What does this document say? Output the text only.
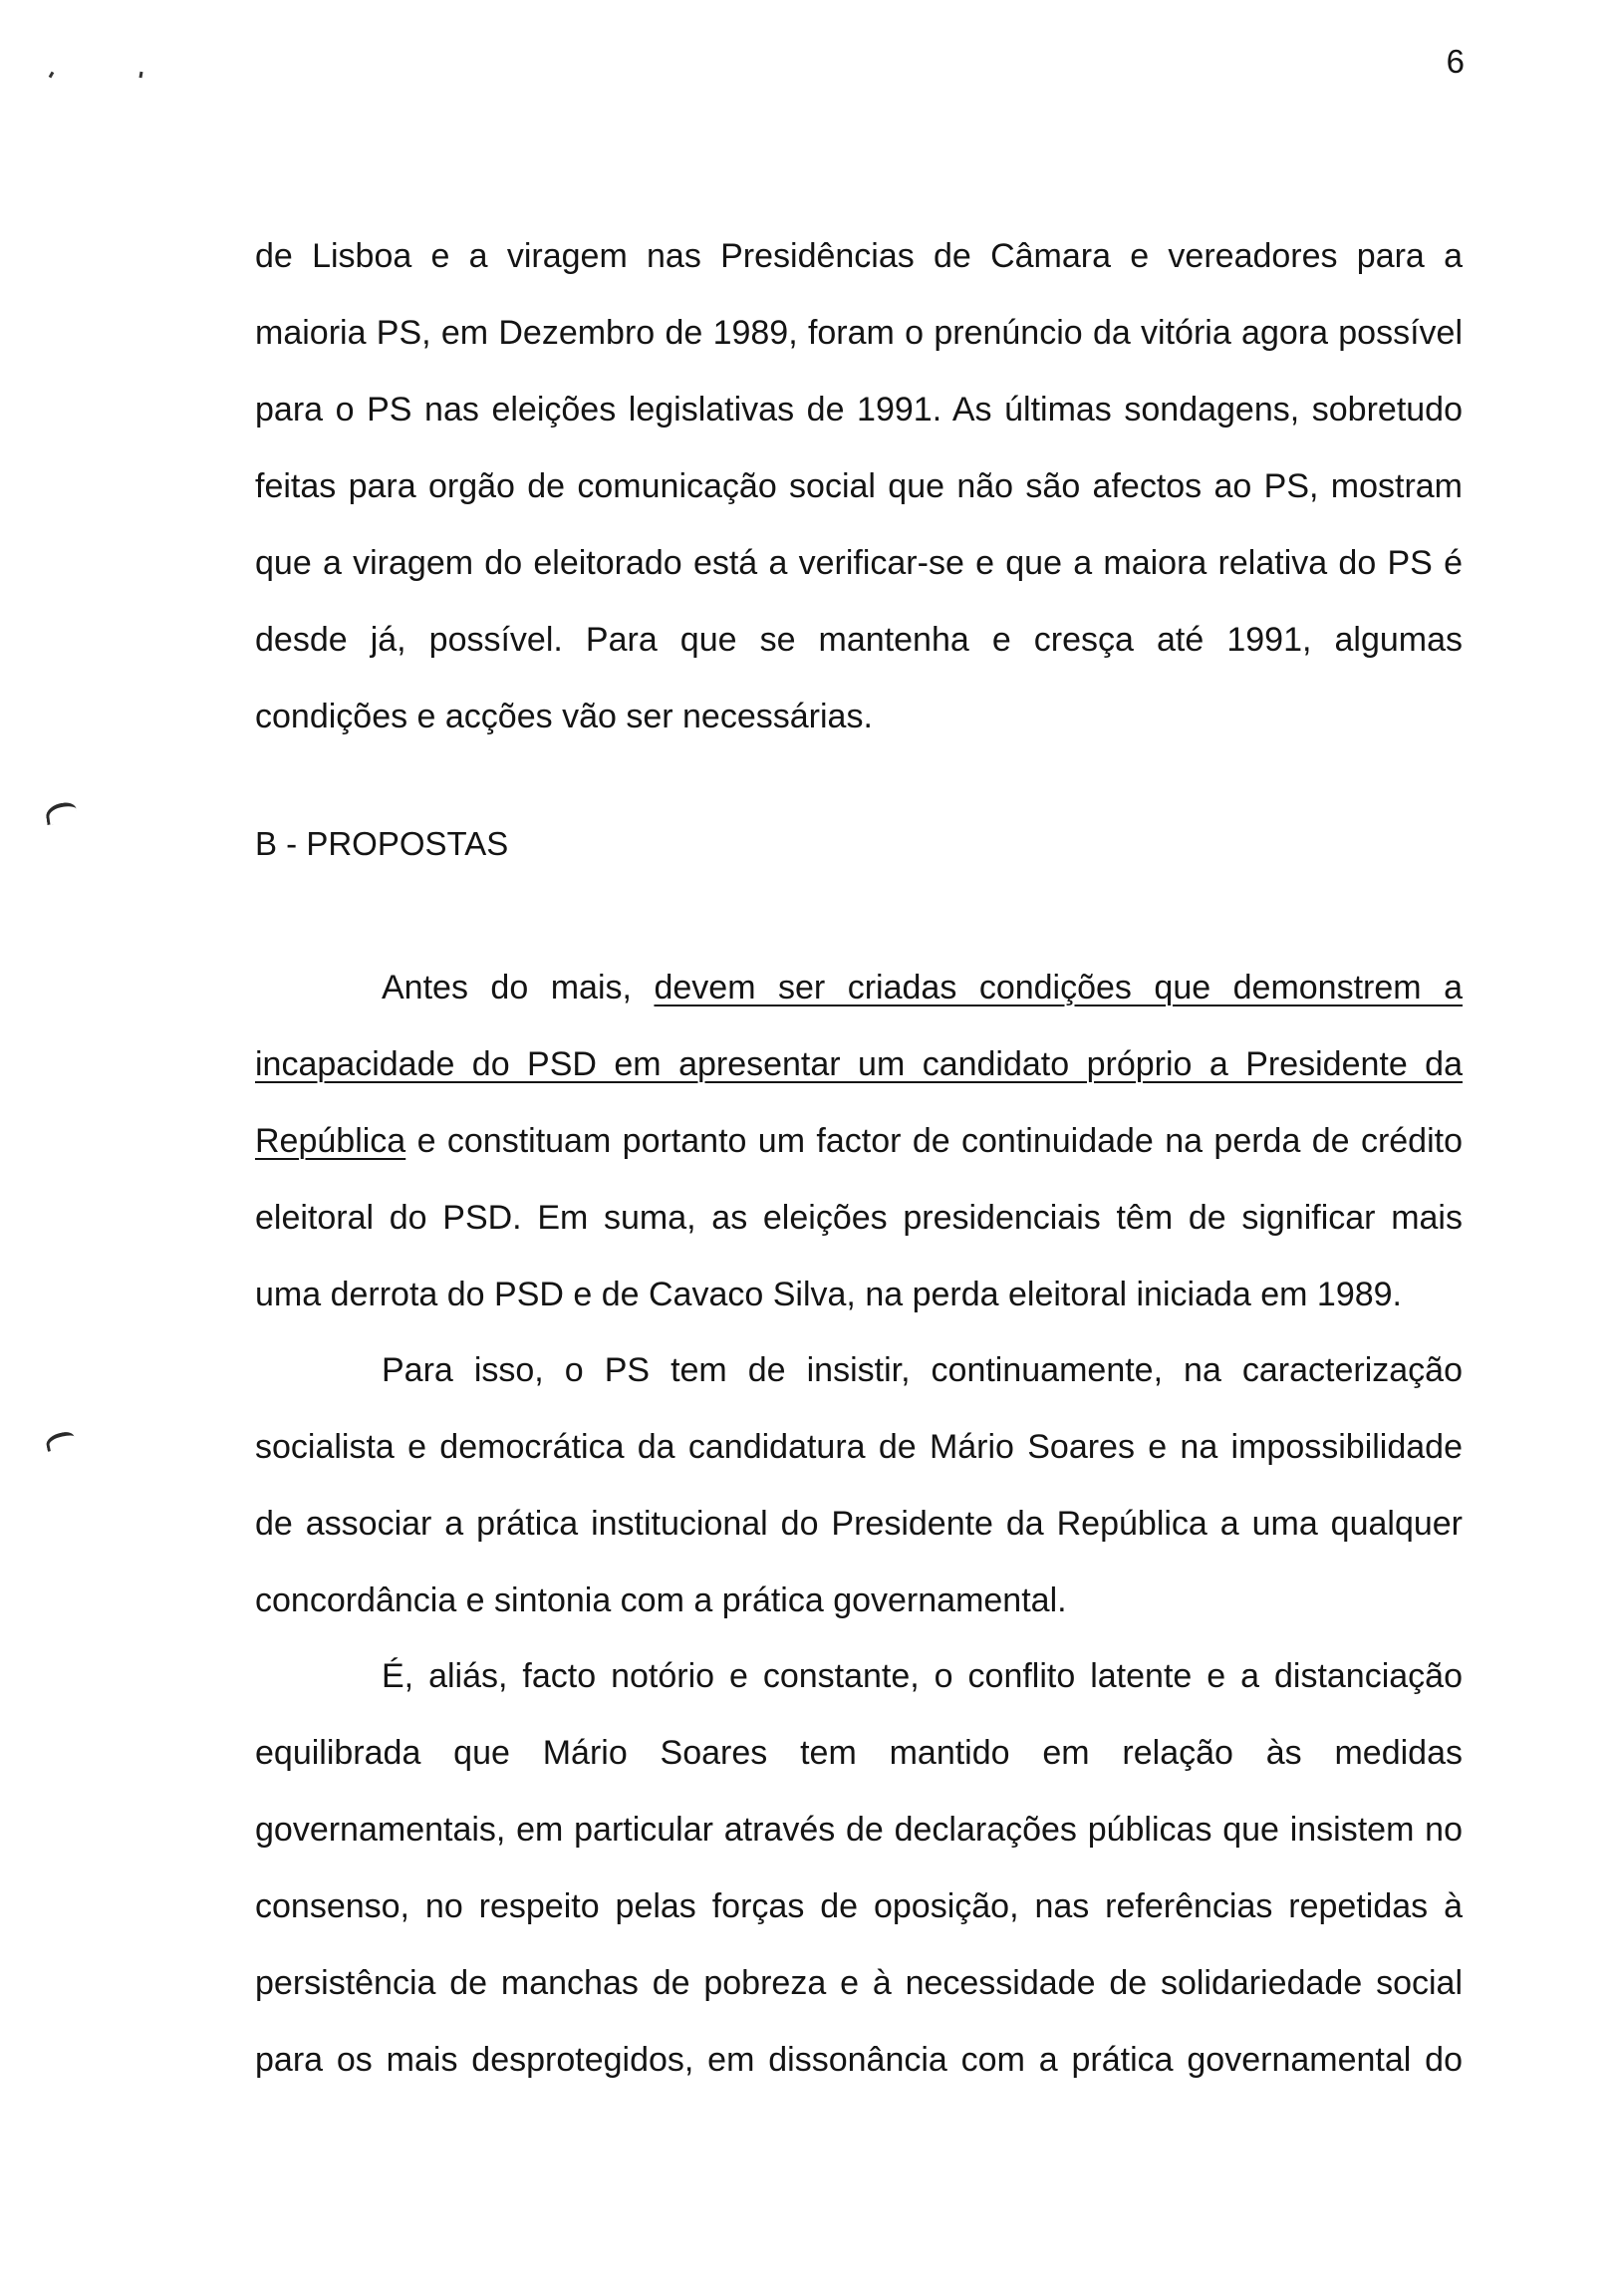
6

de Lisboa e a viragem nas Presidências de Câmara e vereadores para a maioria PS, em Dezembro de 1989, foram o prenúncio da vitória agora possível para o PS nas eleições legislativas de 1991. As últimas sondagens, sobretudo feitas para orgão de comunicação social que não são afectos ao PS, mostram que a viragem do eleitorado está a verificar-se e que a maiora relativa do PS é desde já, possível. Para que se mantenha e cresça até 1991, algumas condições e acções vão ser necessárias.

B - PROPOSTAS

Antes do mais, devem ser criadas condições que demonstrem a incapacidade do PSD em apresentar um candidato próprio a Presidente da República e constituam portanto um factor de continuidade na perda de crédito eleitoral do PSD. Em suma, as eleições presidenciais têm de significar mais uma derrota do PSD e de Cavaco Silva, na perda eleitoral iniciada em 1989.

Para isso, o PS tem de insistir, continuamente, na caracterização socialista e democrática da candidatura de Mário Soares e na impossibilidade de associar a prática institucional do Presidente da República a uma qualquer concordância e sintonia com a prática governamental.

É, aliás, facto notório e constante, o conflito latente e a distanciação equilibrada que Mário Soares tem mantido em relação às medidas governamentais, em particular através de declarações públicas que insistem no consenso, no respeito pelas forças de oposição, nas referências repetidas à persistência de manchas de pobreza e à necessidade de solidariedade social para os mais desprotegidos, em dissonância com a prática governamental do
